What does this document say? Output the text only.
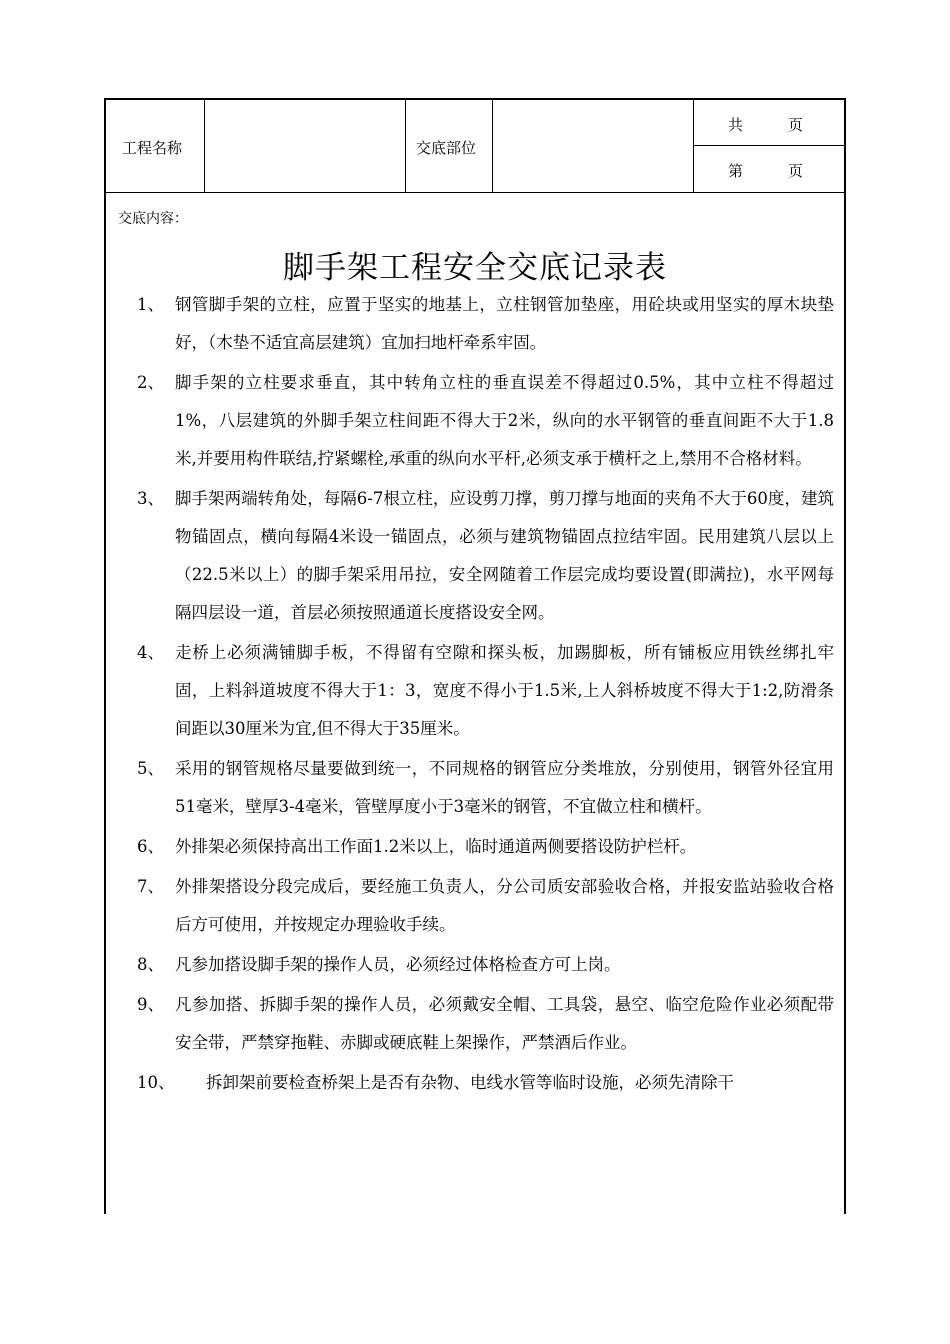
工程名称	交底部位
共　　　页
第　　　页
交底内容：
脚手架工程安全交底记录表
1、 钢管脚手架的立柱，应置于坚实的地基上，立柱钢管加垫座，用砼块或用坚实的厚木块垫好，（木垫不适宜高层建筑）宜加扫地杆牵系牢固。
2、 脚手架的立柱要求垂直，其中转角立柱的垂直误差不得超过0.5%，其中立柱不得超过1%，八层建筑的外脚手架立柱间距不得大于2米，纵向的水平钢管的垂直间距不大于1.8米,并要用构件联结,拧紧螺栓,承重的纵向水平杆,必须支承于横杆之上,禁用不合格材料。
3、 脚手架两端转角处，每隔6-7根立柱，应设剪刀撑，剪刀撑与地面的夹角不大于60度，建筑物锚固点，横向每隔4米设一锚固点，必须与建筑物锚固点拉结牢固。民用建筑八层以上（22.5米以上）的脚手架采用吊拉，安全网随着工作层完成均要设置(即满拉)，水平网每隔四层设一道，首层必须按照通道长度搭设安全网。
4、 走桥上必须满铺脚手板，不得留有空隙和探头板，加踢脚板，所有铺板应用铁丝绑扎牢固，上料斜道坡度不得大于1：3，宽度不得小于1.5米,上人斜桥坡度不得大于1:2,防滑条间距以30厘米为宜,但不得大于35厘米。
5、 采用的钢管规格尽量要做到统一，不同规格的钢管应分类堆放，分别使用，钢管外径宜用51毫米，壁厚3-4毫米，管壁厚度小于3毫米的钢管，不宜做立柱和横杆。
6、 外排架必须保持高出工作面1.2米以上，临时通道两侧要搭设防护栏杆。
7、 外排架搭设分段完成后，要经施工负责人，分公司质安部验收合格，并报安监站验收合格后方可使用，并按规定办理验收手续。
8、 凡参加搭设脚手架的操作人员，必须经过体格检查方可上岗。
9、 凡参加搭、拆脚手架的操作人员，必须戴安全帽、工具袋，悬空、临空危险作业必须配带安全带，严禁穿拖鞋、赤脚或硬底鞋上架操作，严禁酒后作业。
10、 拆卸架前要检查桥架上是否有杂物、电线水管等临时设施，必须先清除干
